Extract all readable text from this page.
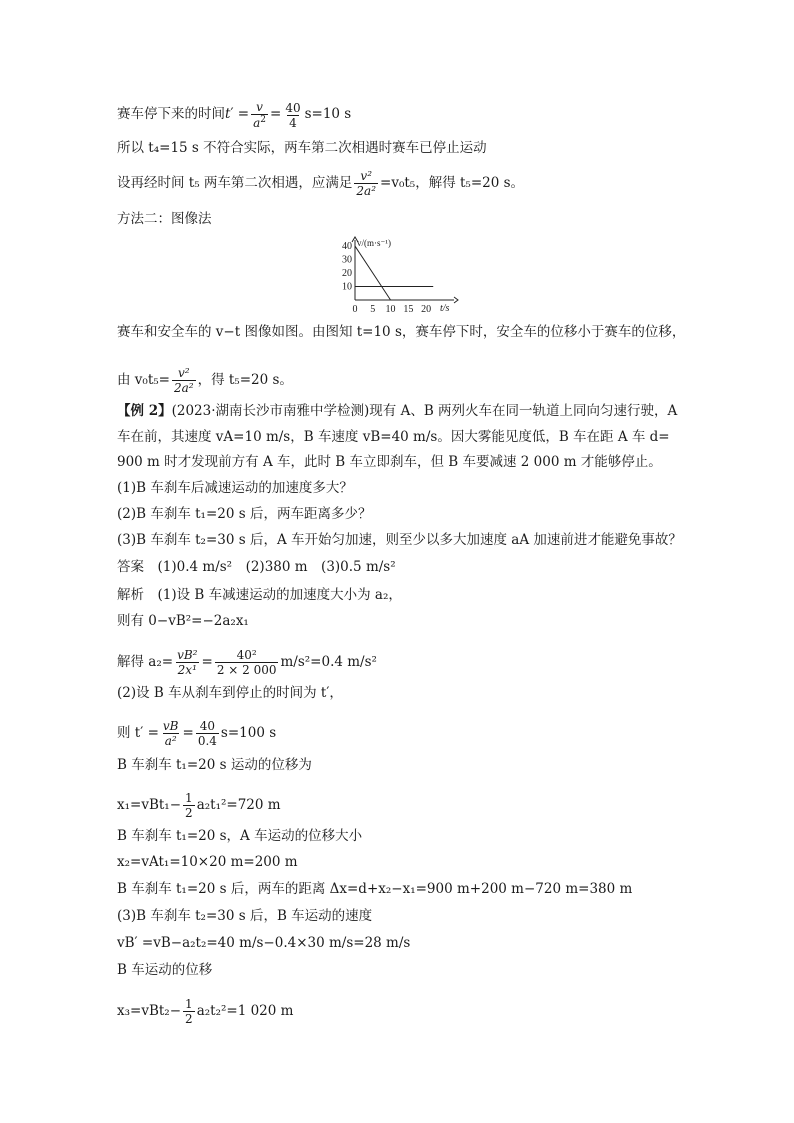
赛车停下来的时间 t ′ = $\frac{v}{a^2} = \frac{40}{4} s=10$ s
所以 t₄=15 s 不符合实际，两车第二次相遇时赛车已停止运动
设再经时间 t₅ 两车第二次相遇，应满足 $\frac{\text{v²}}{\text{2a²}} =v_0t_5$，解得 t₅=20 s。
方法二：图像法
0 5 10 15 20
40
30
20
10
v/(m·s⁻¹)
t/s
赛车和安全车的 v−t 图像如图。由图知 t=10 s，赛车停下时，安全车的位移小于赛车的位移，
由 $v_0t_5= \frac{\text{v²}}{\text{2a²}}$ ，得 t₅=20 s。
【例 2】 (2023·湖南长沙市南雅中学检测)现有 A、B 两列火车在同一轨道上同向匀速行驶，A
车在前，其速度 vA=10 m/s，B 车速度 vB=40 m/s。因大雾能见度低，B 车在距 A 车 d=
900 m 时才发现前方有 A 车，此时 B 车立即刹车，但 B 车要减速 2 000 m 才能够停止。
(1)B 车刹车后减速运动的加速度多大？
(2)B 车刹车 t₁=20 s 后，两车距离多少？
(3)B 车刹车 t₂=30 s 后，A 车开始匀加速，则至少以多大加速度 aA 加速前进才能避免事故？
答案　(1)0.4 m/s²　(2)380 m　(3)0.5 m/s²
解析　(1)设 B 车减速运动的加速度大小为 a₂，
则有 0−vB²=−2a₂x₁
解得 $a_2= \frac{\text{vB²}}{\text{2x¹}} = \frac{\text{40²}}{2 \times 2 000} m/s^2=0.4$ m/s²
(2)设 B 车从刹车到停止的时间为 t′，
则 $t' = \frac{vB}{\text{a²}} = \frac{40}{0.4} s=100$ s
B 车刹车 t₁=20 s 运动的位移为
$x_1=vBt_1- \frac{1}{2} a_2t_1^2=720$ m
B 车刹车 t₁=20 s，A 车运动的位移大小
x₂=vAt₁=10×20 m=200 m
B 车刹车 t₁=20 s 后，两车的距离 Δx=d+x₂−x₁=900 m+200 m−720 m=380 m
(3)B 车刹车 t₂=30 s 后，B 车运动的速度
vB′ =vB−a₂t₂=40 m/s−0.4×30 m/s=28 m/s
B 车运动的位移
$x_3=vBt_2- \frac{1}{2} a_2t_2^2=1$ 020 m
